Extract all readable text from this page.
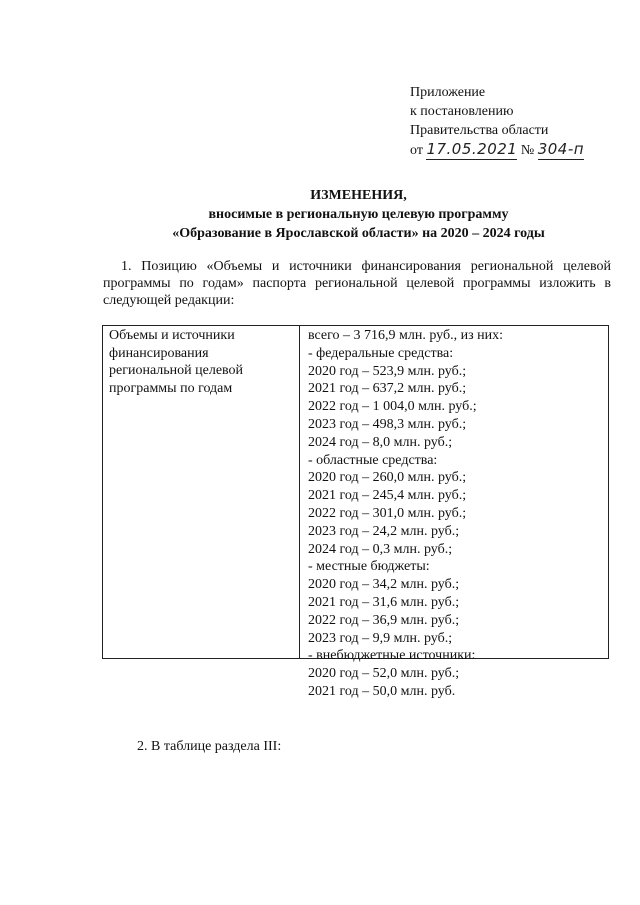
Приложение
к постановлению
Правительства области
от 17.05.2021 № 304-п
ИЗМЕНЕНИЯ,
вносимые в региональную целевую программу
«Образование в Ярославской области» на 2020 – 2024 годы
1. Позицию «Объемы и источники финансирования региональной целевой программы по годам» паспорта региональной целевой программы изложить в следующей редакции:
Объемы и источники
финансирования
региональной целевой
программы по годам
всего – 3 716,9 млн. руб., из них:
- федеральные средства:
2020 год – 523,9 млн. руб.;
2021 год – 637,2 млн. руб.;
2022 год – 1 004,0 млн. руб.;
2023 год – 498,3 млн. руб.;
2024 год – 8,0 млн. руб.;
- областные средства:
2020 год – 260,0 млн. руб.;
2021 год – 245,4 млн. руб.;
2022 год – 301,0 млн. руб.;
2023 год – 24,2 млн. руб.;
2024 год – 0,3 млн. руб.;
- местные бюджеты:
2020 год – 34,2 млн. руб.;
2021 год – 31,6 млн. руб.;
2022 год – 36,9 млн. руб.;
2023 год – 9,9 млн. руб.;
- внебюджетные источники:
2020 год – 52,0 млн. руб.;
2021 год – 50,0 млн. руб.
2. В таблице раздела III:
